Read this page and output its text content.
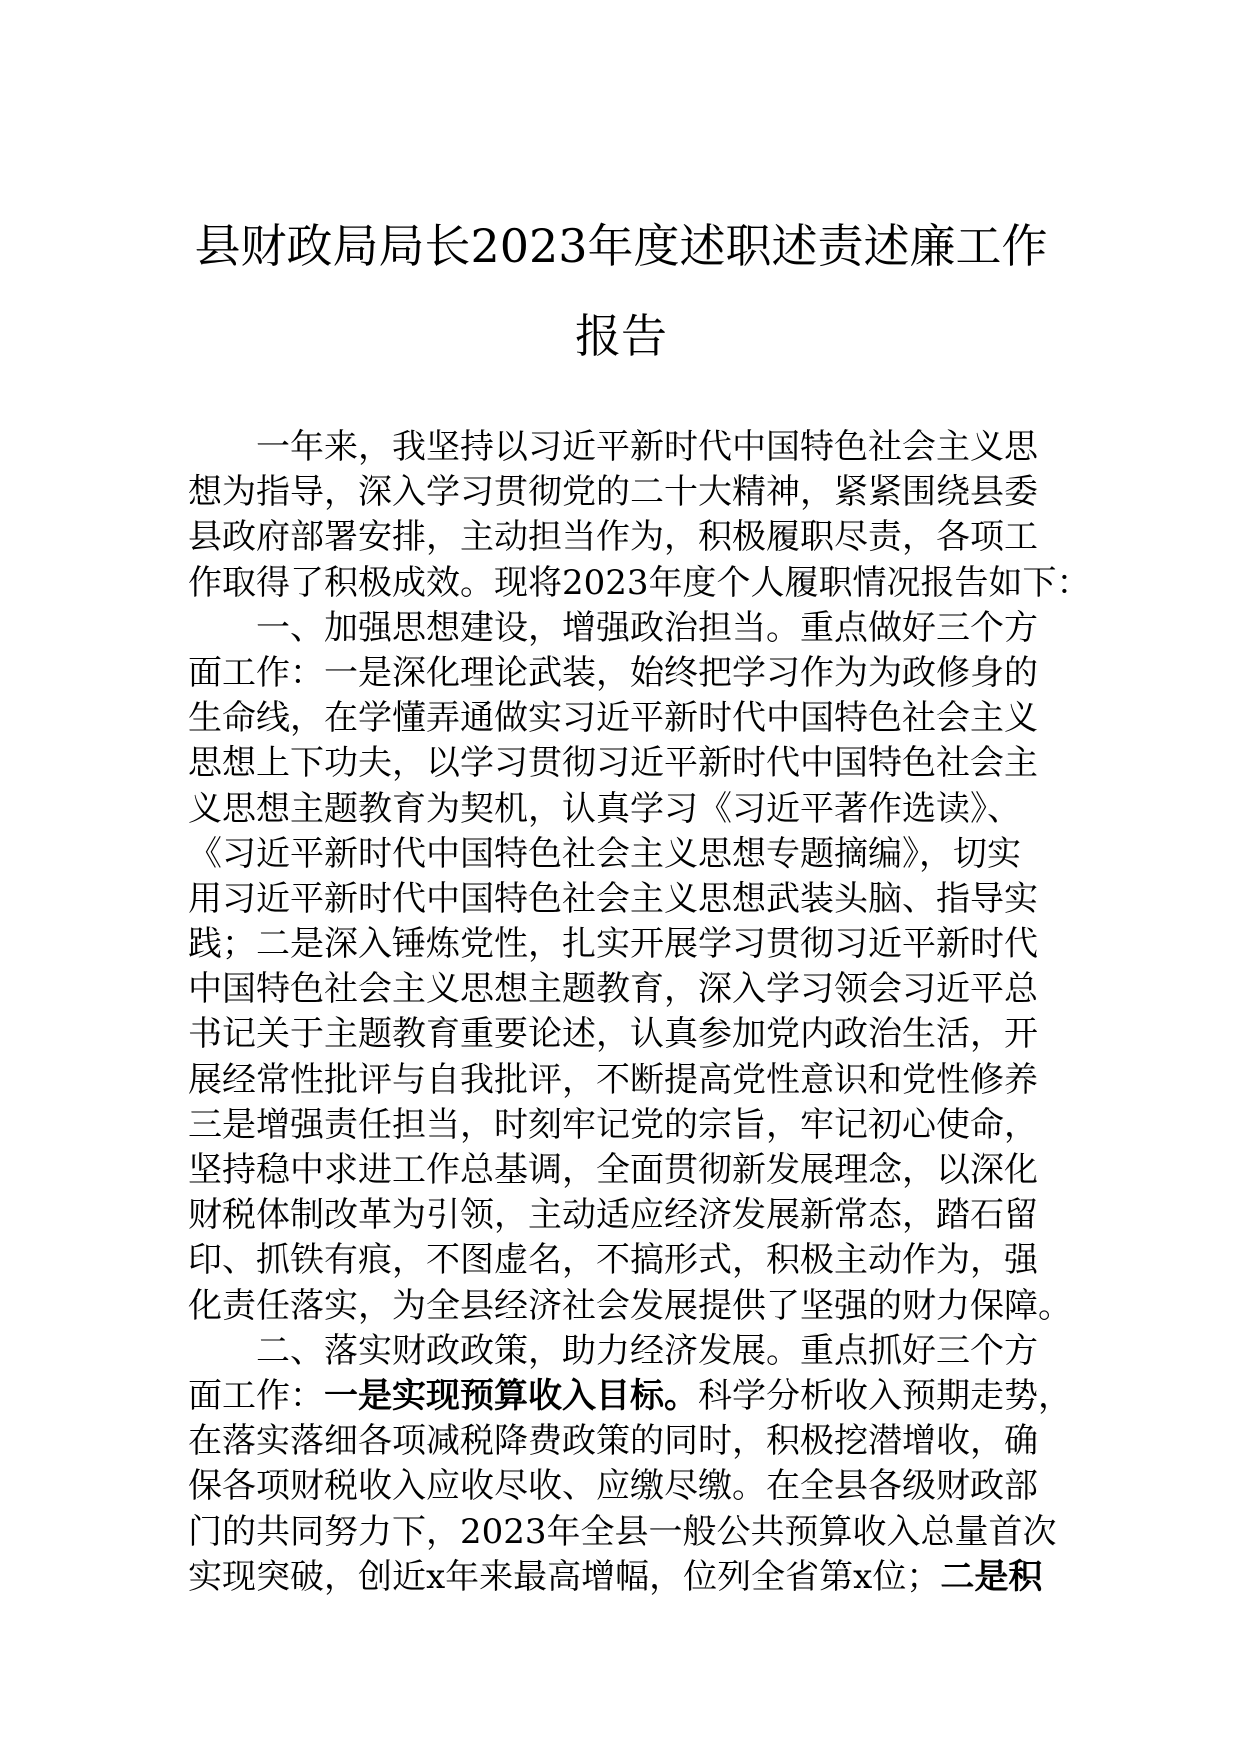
县财政局局长2023年度述职述责述廉工作
报告
一年来，我坚持以习近平新时代中国特色社会主义思
想为指导，深入学习贯彻党的二十大精神，紧紧围绕县委
县政府部署安排，主动担当作为，积极履职尽责，各项工
作取得了积极成效。现将2023年度个人履职情况报告如下：
一、加强思想建设，增强政治担当。重点做好三个方
面工作：一是深化理论武装，始终把学习作为为政修身的
生命线，在学懂弄通做实习近平新时代中国特色社会主义
思想上下功夫，以学习贯彻习近平新时代中国特色社会主
义思想主题教育为契机，认真学习《习近平著作选读》、
《习近平新时代中国特色社会主义思想专题摘编》，切实
用习近平新时代中国特色社会主义思想武装头脑、指导实
践；二是深入锤炼党性，扎实开展学习贯彻习近平新时代
中国特色社会主义思想主题教育，深入学习领会习近平总
书记关于主题教育重要论述，认真参加党内政治生活，开
展经常性批评与自我批评，不断提高党性意识和党性修养
三是增强责任担当，时刻牢记党的宗旨，牢记初心使命，
坚持稳中求进工作总基调，全面贯彻新发展理念，以深化
财税体制改革为引领，主动适应经济发展新常态，踏石留
印、抓铁有痕，不图虚名，不搞形式，积极主动作为，强
化责任落实，为全县经济社会发展提供了坚强的财力保障。
二、落实财政政策，助力经济发展。重点抓好三个方
面工作：一是实现预算收入目标。科学分析收入预期走势，
在落实落细各项减税降费政策的同时，积极挖潜增收，确
保各项财税收入应收尽收、应缴尽缴。在全县各级财政部
门的共同努力下，2023年全县一般公共预算收入总量首次
实现突破，创近x年来最高增幅，位列全省第x位；二是积
